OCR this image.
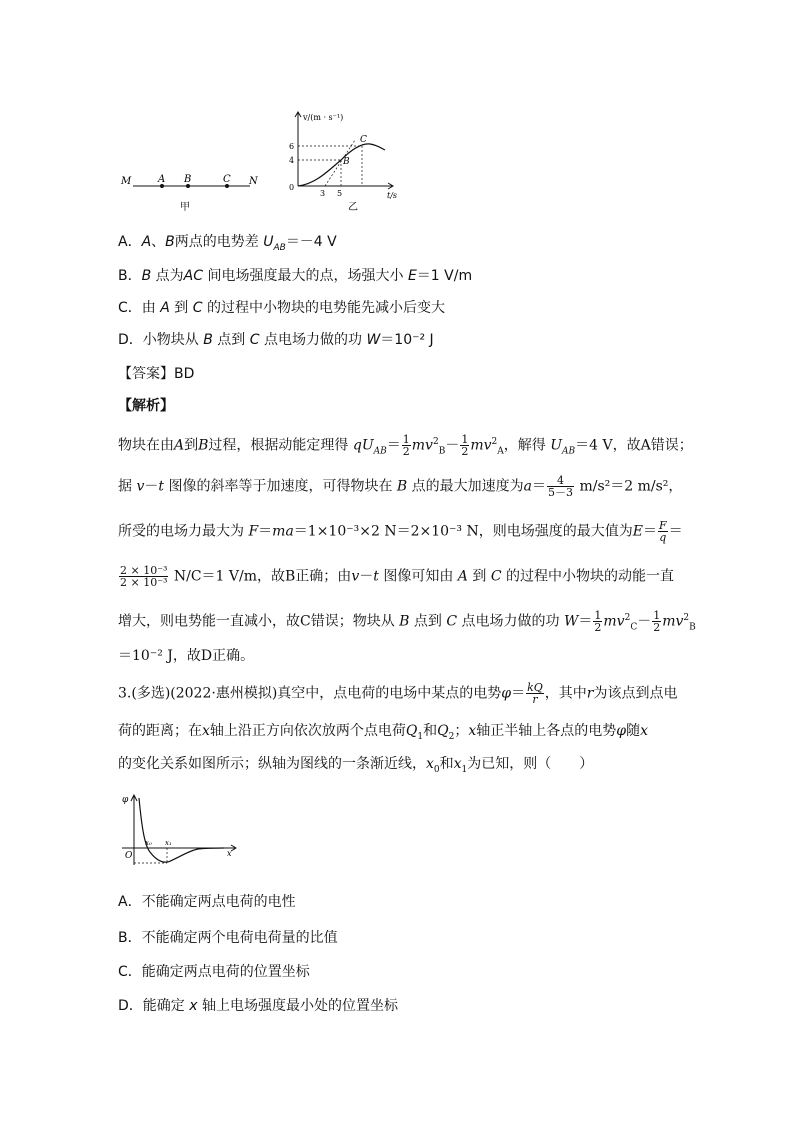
M	A B	C N
甲
v/(m · s⁻¹)
t/s
6
4
0
3 5
B
C
乙
A．A、B两点的电势差 $U_{AB}=-4$ V
B．B 点为AC 间电场强度最大的点，场强大小 E＝1 V/m
C．由 A 到 C 的过程中小物块的电势能先减小后变大
D．小物块从 B 点到 C 点电场力做的功 W＝10⁻² J
【答案】BD
【解析】
物块在由A到B过程，根据动能定理得 $qU_{AB}= \frac{1}{2} mv^2_B- \frac{1}{2} mv^2_A$，解得 $U_{AB}=4$ V，故A错误；
据 v－t 图像的斜率等于加速度，可得物块在 B 点的最大加速度为$a= \frac{4}{5-3} m/s^2=2$ m/s²，
所受的电场力最大为 F＝ma＝1×10⁻³×2 N＝2×10⁻³ N，则电场强度的最大值为$E= \frac{F}{q}$ ＝
$\frac{\text{2 × 10⁻³}}{\text{2 × 10⁻³}} N/C=1$ V/m，故B正确；由v－t 图像可知由 A 到 C 的过程中小物块的动能一直
增大，则电势能一直减小，故C错误；物块从 B 点到 C 点电场力做的功 $W= \frac{1}{2} mv^2_C- \frac{1}{2} mv^2_B$
＝10⁻² J，故D正确。
3.(多选)(2022·惠州模拟)真空中，点电荷的电场中某点的电势$\varphi= \frac{kQ}{r}$ ，其中r为该点到点电
荷的距离；在x轴上沿正方向依次放两个点电荷$Q_1$和$Q_2$；x轴正半轴上各点的电势φ随x
的变化关系如图所示；纵轴为图线的一条渐近线，$x_0$和$x_1$为已知，则（　　）
φ
O
x₀ x₁
x
A．不能确定两点电荷的电性
B．不能确定两个电荷电荷量的比值
C．能确定两点电荷的位置坐标
D．能确定 x 轴上电场强度最小处的位置坐标
